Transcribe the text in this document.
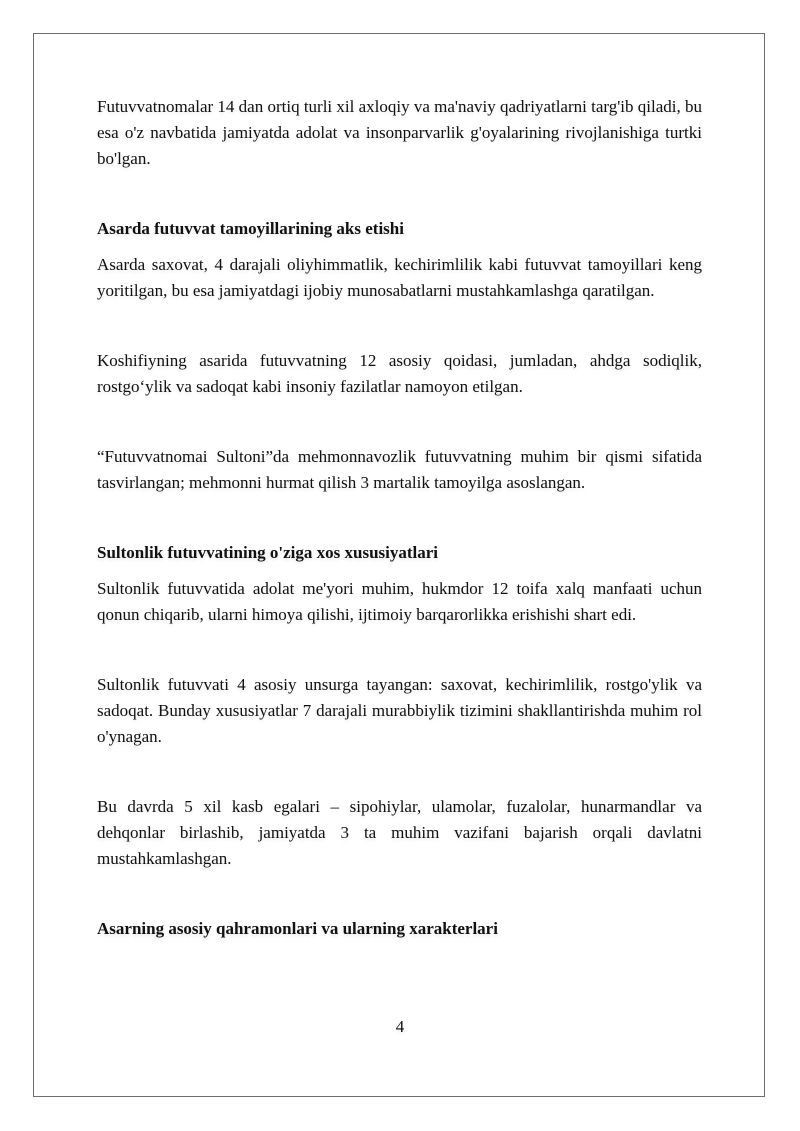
Futuvvatnomalar 14 dan ortiq turli xil axloqiy va ma'naviy qadriyatlarni targ'ib qiladi, bu esa o'z navbatida jamiyatda adolat va insonparvarlik g'oyalarining rivojlanishiga turtki bo'lgan.

Asarda futuvvat tamoyillarining aks etishi

Asarda saxovat, 4 darajali oliyhimmatlik, kechirimlilik kabi futuvvat tamoyillari keng yoritilgan, bu esa jamiyatdagi ijobiy munosabatlarni mustahkamlashga qaratilgan.

Koshifiyning asarida futuvvatning 12 asosiy qoidasi, jumladan, ahdga sodiqlik, rostgo‘ylik va sadoqat kabi insoniy fazilatlar namoyon etilgan.

“Futuvvatnomai Sultoni”da mehmonnavozlik futuvvatning muhim bir qismi sifatida tasvirlangan; mehmonni hurmat qilish 3 martalik tamoyilga asoslangan.

Sultonlik futuvvatining o'ziga xos xususiyatlari

Sultonlik futuvvatida adolat me'yori muhim, hukmdor 12 toifa xalq manfaati uchun qonun chiqarib, ularni himoya qilishi, ijtimoiy barqarorlikka erishishi shart edi.

Sultonlik futuvvati 4 asosiy unsurga tayangan: saxovat, kechirimlilik, rostgo'ylik va sadoqat. Bunday xususiyatlar 7 darajali murabbiylik tizimini shakllantirishda muhim rol o'ynagan.

Bu davrda 5 xil kasb egalari – sipohiylar, ulamolar, fuzalolar, hunarmandlar va dehqonlar birlashib, jamiyatda 3 ta muhim vazifani bajarish orqali davlatni mustahkamlashgan.

Asarning asosiy qahramonlari va ularning xarakterlari
4
